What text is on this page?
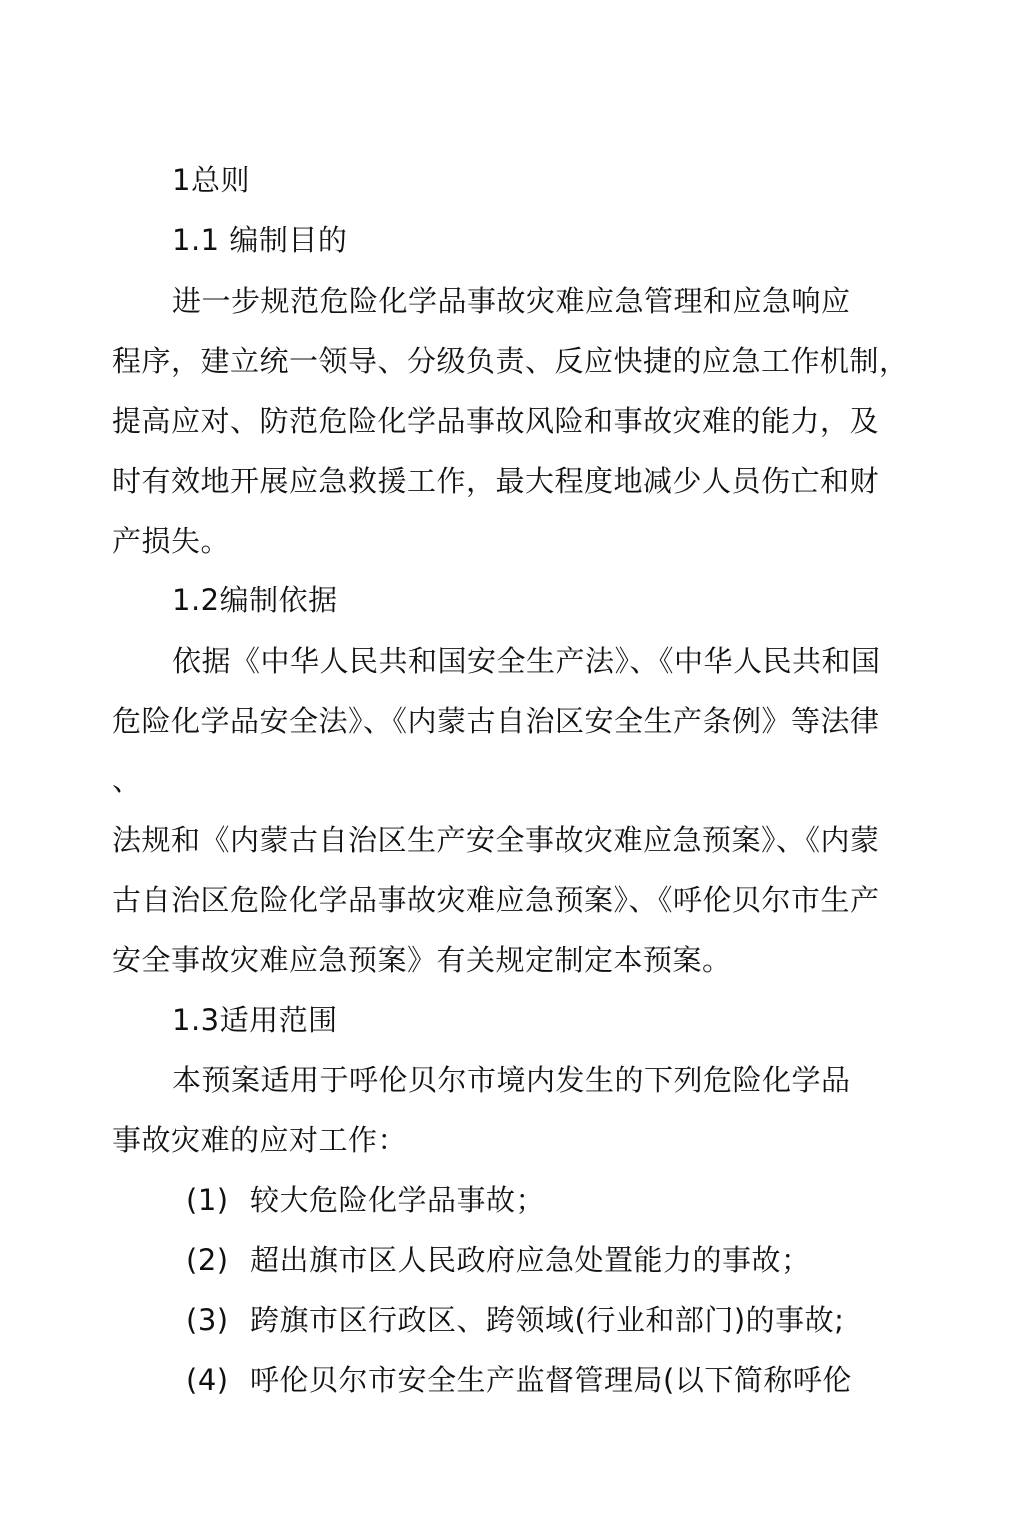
1总则
1.1 编制目的
进一步规范危险化学品事故灾难应急管理和应急响应
程序，建立统一领导、分级负责、反应快捷的应急工作机制，
提高应对、防范危险化学品事故风险和事故灾难的能力，及
时有效地开展应急救援工作，最大程度地减少人员伤亡和财
产损失。
1.2编制依据
依据《中华人民共和国安全生产法》、《中华人民共和国
危险化学品安全法》、《内蒙古自治区安全生产条例》等法律
、
法规和《内蒙古自治区生产安全事故灾难应急预案》、《内蒙
古自治区危险化学品事故灾难应急预案》、《呼伦贝尔市生产
安全事故灾难应急预案》有关规定制定本预案。
1.3适用范围
本预案适用于呼伦贝尔市境内发生的下列危险化学品
事故灾难的应对工作：
(1) 较大危险化学品事故；
(2) 超出旗市区人民政府应急处置能力的事故；
(3) 跨旗市区行政区、跨领域(行业和部门)的事故;
(4) 呼伦贝尔市安全生产监督管理局(以下简称呼伦
